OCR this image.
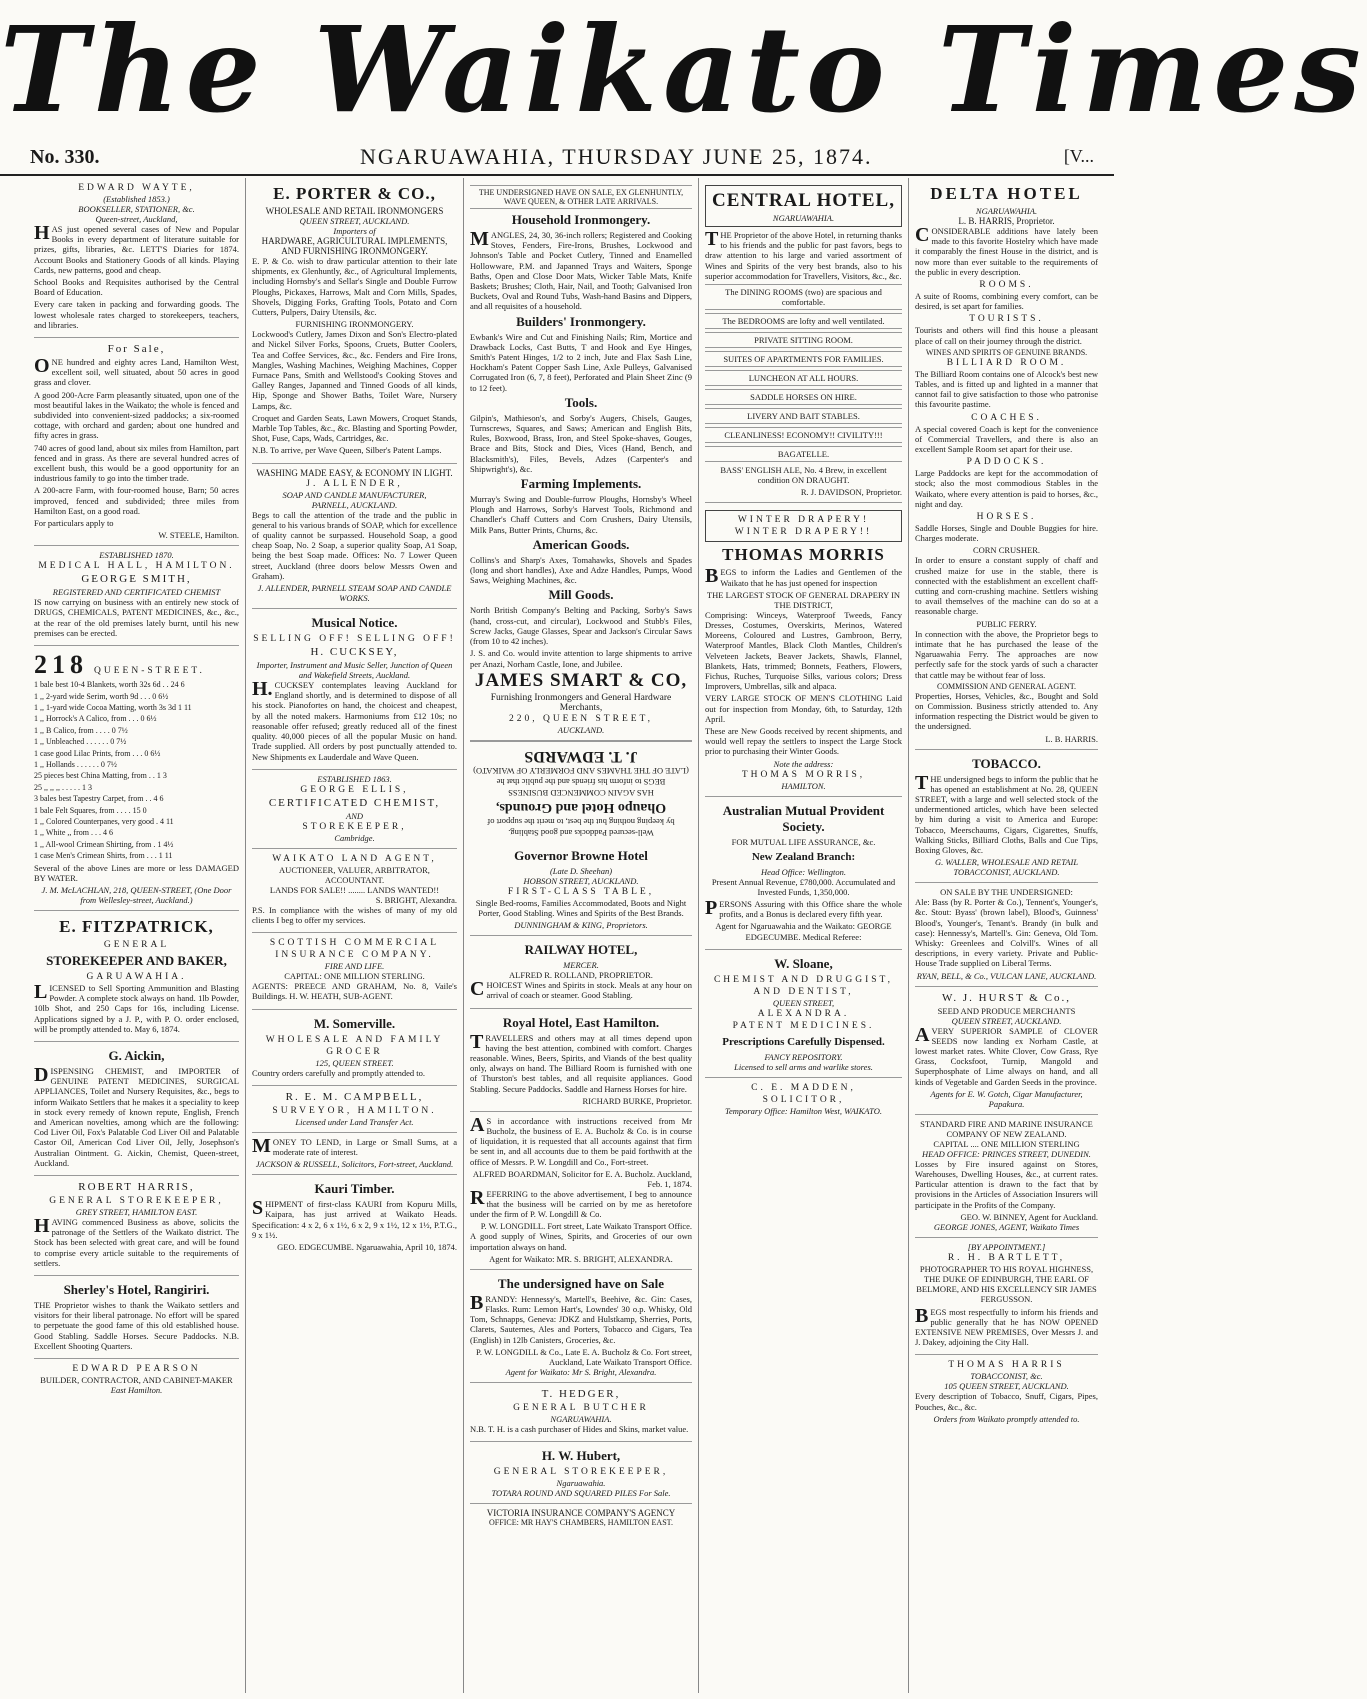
The Waikato Times
No. 330.	NGARUAWAHIA, THURSDAY JUNE 25, 1874.	[V...
EDWARD WAYTE,
(Established 1853.)
BOOKSELLER, STATIONER, &c.
Queen-street, Auckland,

HAS just opened several cases of New and Popular Books in every department of literature suitable for prizes, gifts, libraries, &c. LETT'S Diaries for 1874. Account Books and Stationery Goods of all kinds. Playing Cards, new patterns, good and cheap.

School Books and Requisites authorised by the Central Board of Education.

Every care taken in packing and forwarding goods. The lowest wholesale rates charged to storekeepers, teachers, and libraries.

For Sale,

ONE hundred and eighty acres Land, Hamilton West, excellent soil, well situated, about 50 acres in good grass and clover.

A good 200-Acre Farm pleasantly situated, upon one of the most beautiful lakes in the Waikato; the whole is fenced and subdivided into convenient-sized paddocks; a six-roomed cottage, with orchard and garden; about one hundred and fifty acres in grass.

740 acres of good land, about six miles from Hamilton, part fenced and in grass. As there are several hundred acres of excellent bush, this would be a good opportunity for an industrious family to go into the timber trade.

A 200-acre Farm, with four-roomed house, Barn; 50 acres improved, fenced and subdivided; three miles from Hamilton East, on a good road.

For particulars apply to

W. STEELE, Hamilton.
ESTABLISHED 1870.
MEDICAL HALL, HAMILTON.
GEORGE SMITH,
REGISTERED AND CERTIFICATED CHEMIST

IS now carrying on business with an entirely new stock of DRUGS, CHEMICALS, PATENT MEDICINES, &c., &c., at the rear of the old premises lately burnt, until his new premises can be erected.

218 QUEEN-STREET.

1 bale best 10-4 Blankets, worth 32s 6d . . 24 6

1 ,, 2-yard wide Serim, worth 9d . . . 0 6½

1 ,, 1-yard wide Cocoa Matting, worth 3s 3d 1 11

1 ,, Horrock's A Calico, from . . . 0 6½

1 ,, B Calico, from . . . . 0 7½

1 ,, Unbleached . . . . . . 0 7½

1 case good Lilac Prints, from . . . 0 6½

1 ,, Hollands . . . . . . 0 7½

25 pieces best China Matting, from . . 1 3

25 ,, ,, ,, . . . . . 1 3

3 bales best Tapestry Carpet, from . . 4 6

1 bale Felt Squares, from . . . . 15 0

1 ,, Colored Counterpanes, very good . 4 11

1 ,, White ,, from . . . 4 6

1 ,, All-wool Crimean Shirting, from . 1 4½

1 case Men's Crimean Shirts, from . . . 1 11

Several of the above Lines are more or less DAMAGED BY WATER.

J. M. McLACHLAN, 218, QUEEN-STREET, (One Door from Wellesley-street, Auckland.)
E. FITZPATRICK,
GENERAL
STOREKEEPER AND BAKER,
GARUAWAHIA.

LICENSED to Sell Sporting Ammunition and Blasting Powder. A complete stock always on hand. 1lb Powder, 10lb Shot, and 250 Caps for 16s, including License. Applications signed by a J. P., with P. O. order enclosed, will be promptly attended to. May 6, 1874.

G. Aickin,

DISPENSING CHEMIST, and IMPORTER of GENUINE PATENT MEDICINES, SURGICAL APPLIANCES, Toilet and Nursery Requisites, &c., begs to inform Waikato Settlers that he makes it a speciality to keep in stock every remedy of known repute, English, French and American novelties, among which are the following: Cod Liver Oil, Fox's Palatable Cod Liver Oil and Palatable Castor Oil, American Cod Liver Oil, Jelly, Josephson's Australian Ointment. G. Aickin, Chemist, Queen-street, Auckland.

ROBERT HARRIS,
GENERAL STOREKEEPER,
GREY STREET, HAMILTON EAST.

HAVING commenced Business as above, solicits the patronage of the Settlers of the Waikato district. The Stock has been selected with great care, and will be found to comprise every article suitable to the requirements of settlers.

Sherley's Hotel, Rangiriri.

THE Proprietor wishes to thank the Waikato settlers and visitors for their liberal patronage. No effort will be spared to perpetuate the good fame of this old established house. Good Stabling. Saddle Horses. Secure Paddocks. N.B. Excellent Shooting Quarters.

EDWARD PEARSON
BUILDER, CONTRACTOR, AND CABINET-MAKER
East Hamilton.
E. PORTER & CO.,
WHOLESALE AND RETAIL IRONMONGERS
QUEEN STREET, AUCKLAND.
Importers of
HARDWARE, AGRICULTURAL IMPLEMENTS, AND FURNISHING IRONMONGERY.

E. P. & Co. wish to draw particular attention to their late shipments, ex Glenhuntly, &c., of Agricultural Implements, including Hornsby's and Sellar's Single and Double Furrow Ploughs, Pickaxes, Harrows, Malt and Corn Mills, Spades, Shovels, Digging Forks, Grafting Tools, Potato and Corn Cutters, Pulpers, Dairy Utensils, &c.

FURNISHING IRONMONGERY.

Lockwood's Cutlery, James Dixon and Son's Electro-plated and Nickel Silver Forks, Spoons, Cruets, Butter Coolers, Tea and Coffee Services, &c., &c. Fenders and Fire Irons, Mangles, Washing Machines, Weighing Machines, Copper Furnace Pans, Smith and Wellstood's Cooking Stoves and Galley Ranges, Japanned and Tinned Goods of all kinds, Hip, Sponge and Shower Baths, Toilet Ware, Nursery Lamps, &c.

Croquet and Garden Seats, Lawn Mowers, Croquet Stands, Marble Top Tables, &c., &c. Blasting and Sporting Powder, Shot, Fuse, Caps, Wads, Cartridges, &c.

N.B. To arrive, per Wave Queen, Silber's Patent Lamps.

WASHING MADE EASY, & ECONOMY IN LIGHT.
J. ALLENDER,
SOAP AND CANDLE MANUFACTURER,
PARNELL, AUCKLAND.

Begs to call the attention of the trade and the public in general to his various brands of SOAP, which for excellence of quality cannot be surpassed. Household Soap, a good cheap Soap, No. 2 Soap, a superior quality Soap, A1 Soap, being the best Soap made. Offices: No. 7 Lower Queen street, Auckland (three doors below Messrs Owen and Graham).

J. ALLENDER, PARNELL STEAM SOAP AND CANDLE WORKS.
Musical Notice.
SELLING OFF! SELLING OFF!
H. CUCKSEY,
Importer, Instrument and Music Seller, Junction of Queen and Wakefield Streets, Auckland.

H.CUCKSEY contemplates leaving Auckland for England shortly, and is determined to dispose of all his stock. Pianofortes on hand, the choicest and cheapest, by all the noted makers. Harmoniums from £12 10s; no reasonable offer refused; greatly reduced all of the finest quality. 40,000 pieces of all the popular Music on hand. Trade supplied. All orders by post punctually attended to. New Shipments ex Lauderdale and Wave Queen.

ESTABLISHED 1863.
GEORGE ELLIS,
CERTIFICATED CHEMIST,
AND
STOREKEEPER,
Cambridge.
WAIKATO LAND AGENT,
AUCTIONEER, VALUER, ARBITRATOR, ACCOUNTANT.
LANDS FOR SALE!! ........ LANDS WANTED!!
S. BRIGHT, Alexandra.

P.S. In compliance with the wishes of many of my old clients I beg to offer my services.

SCOTTISH COMMERCIAL
INSURANCE COMPANY.
FIRE AND LIFE.
CAPITAL: ONE MILLION STERLING.

AGENTS: PREECE AND GRAHAM, No. 8, Vaile's Buildings. H. W. HEATH, SUB-AGENT.

M. Somerville.
WHOLESALE AND FAMILY GROCER
125, QUEEN STREET.

Country orders carefully and promptly attended to.

R. E. M. CAMPBELL,
SURVEYOR, HAMILTON.
Licensed under Land Transfer Act.

MONEY TO LEND, in Large or Small Sums, at a moderate rate of interest.

JACKSON & RUSSELL, Solicitors, Fort-street, Auckland.
Kauri Timber.

SHIPMENT of first-class KAURI from Kopuru Mills, Kaipara, has just arrived at Waikato Heads. Specification: 4 x 2, 6 x 1½, 6 x 2, 9 x 1½, 12 x 1½, P.T.G., 9 x 1½.

GEO. EDGECUMBE. Ngaruawahia, April 10, 1874.
THE UNDERSIGNED HAVE ON SALE, EX GLENHUNTLY, WAVE QUEEN, & OTHER LATE ARRIVALS.
Household Ironmongery.

MANGLES, 24, 30, 36-inch rollers; Registered and Cooking Stoves, Fenders, Fire-Irons, Brushes, Lockwood and Johnson's Table and Pocket Cutlery, Tinned and Enamelled Hollowware, P.M. and Japanned Trays and Waiters, Sponge Baths, Open and Close Door Mats, Wicker Table Mats, Knife Baskets; Brushes; Cloth, Hair, Nail, and Tooth; Galvanised Iron Buckets, Oval and Round Tubs, Wash-hand Basins and Dippers, and all requisites of a household.

Builders' Ironmongery.

Ewbank's Wire and Cut and Finishing Nails; Rim, Mortice and Drawback Locks, Cast Butts, T and Hook and Eye Hinges, Smith's Patent Hinges, 1/2 to 2 inch, Jute and Flax Sash Line, Hockham's Patent Copper Sash Line, Axle Pulleys, Galvanised Corrugated Iron (6, 7, 8 feet), Perforated and Plain Sheet Zinc (9 to 12 feet).

Tools.

Gilpin's, Mathieson's, and Sorby's Augers, Chisels, Gauges, Turnscrews, Squares, and Saws; American and English Bits, Rules, Boxwood, Brass, Iron, and Steel Spoke-shaves, Gouges, Brace and Bits, Stock and Dies, Vices (Hand, Bench, and Blacksmith's), Files, Bevels, Adzes (Carpenter's and Shipwright's), &c.

Farming Implements.

Murray's Swing and Double-furrow Ploughs, Hornsby's Wheel Plough and Harrows, Sorby's Harvest Tools, Richmond and Chandler's Chaff Cutters and Corn Crushers, Dairy Utensils, Milk Pans, Butter Prints, Churns, &c.

American Goods.

Collins's and Sharp's Axes, Tomahawks, Shovels and Spades (long and short handles), Axe and Adze Handles, Pumps, Wood Saws, Weighing Machines, &c.

Mill Goods.

North British Company's Belting and Packing, Sorby's Saws (hand, cross-cut, and circular), Lockwood and Stubb's Files, Screw Jacks, Gauge Glasses, Spear and Jackson's Circular Saws (from 10 to 42 inches).

J. S. and Co. would invite attention to large shipments to arrive per Anazi, Norham Castle, Ione, and Jubilee.

JAMES SMART & CO,
Furnishing Ironmongers and General Hardware Merchants,
220, QUEEN STREET,
AUCKLAND.
Well-secured Paddocks and good Stabling.
by keeping nothing but the best, to merit the support of
Ohaupo Hotel and Grounds,
HAS AGAIN COMMENCED BUSINESS
BEGS to inform his friends and the public that he
(LATE OF THE THAMES AND FORMERLY OF WAIKATO)
J. T. EDWARDS
Governor Browne Hotel
(Late D. Sheehan)
HOBSON STREET, AUCKLAND.
FIRST-CLASS TABLE,

Single Bed-rooms, Families Accommodated, Boots and Night Porter, Good Stabling. Wines and Spirits of the Best Brands.

DUNNINGHAM & KING, Proprietors.
RAILWAY HOTEL,
MERCER.
ALFRED R. ROLLAND, PROPRIETOR.

CHOICEST Wines and Spirits in stock. Meals at any hour on arrival of coach or steamer. Good Stabling.

Royal Hotel, East Hamilton.

TRAVELLERS and others may at all times depend upon having the best attention, combined with comfort. Charges reasonable. Wines, Beers, Spirits, and Viands of the best quality only, always on hand. The Billiard Room is furnished with one of Thurston's best tables, and all requisite appliances. Good Stabling. Secure Paddocks. Saddle and Harness Horses for hire.

RICHARD BURKE, Proprietor.

AS in accordance with instructions received from Mr Bucholz, the business of E. A. Bucholz & Co. is in course of liquidation, it is requested that all accounts against that firm be sent in, and all accounts due to them be paid forthwith at the office of Messrs. P. W. Longdill and Co., Fort-street.

ALFRED BOARDMAN, Solicitor for E. A. Bucholz. Auckland, Feb. 1, 1874.

REFERRING to the above advertisement, I beg to announce that the business will be carried on by me as heretofore under the firm of P. W. Longdill & Co.

P. W. LONGDILL. Fort street, Late Waikato Transport Office.

A good supply of Wines, Spirits, and Groceries of our own importation always on hand.

Agent for Waikato: MR. S. BRIGHT, ALEXANDRA.
The undersigned have on Sale

BRANDY: Hennessy's, Martell's, Beehive, &c. Gin: Cases, Flasks. Rum: Lemon Hart's, Lowndes' 30 o.p. Whisky, Old Tom, Schnapps, Geneva: JDKZ and Hulstkamp, Sherries, Ports, Clarets, Sauternes, Ales and Porters, Tobacco and Cigars, Tea (English) in 12lb Canisters, Groceries, &c.

P. W. LONGDILL & Co., Late E. A. Bucholz & Co. Fort street, Auckland, Late Waikato Transport Office.
Agent for Waikato: Mr S. Bright, Alexandra.
T. HEDGER,
GENERAL BUTCHER
NGARUAWAHIA.

N.B. T. H. is a cash purchaser of Hides and Skins, market value.

H. W. Hubert,
GENERAL STOREKEEPER,
Ngaruawahia.
TOTARA ROUND AND SQUARED PILES For Sale.
VICTORIA INSURANCE COMPANY'S AGENCY
OFFICE: MR HAY'S CHAMBERS, HAMILTON EAST.
CENTRAL HOTEL,
NGARUAWAHIA.

THE Proprietor of the above Hotel, in returning thanks to his friends and the public for past favors, begs to draw attention to his large and varied assortment of Wines and Spirits of the very best brands, also to his superior accommodation for Travellers, Visitors, &c., &c.

The DINING ROOMS (two) are spacious and comfortable.
The BEDROOMS are lofty and well ventilated.
PRIVATE SITTING ROOM.
SUITES OF APARTMENTS FOR FAMILIES.
LUNCHEON AT ALL HOURS.
SADDLE HORSES ON HIRE.
LIVERY AND BAIT STABLES.
CLEANLINESS! ECONOMY!! CIVILITY!!!
BAGATELLE.

BASS' ENGLISH ALE, No. 4 Brew, in excellent condition ON DRAUGHT.

R. J. DAVIDSON, Proprietor.
WINTER DRAPERY!
WINTER DRAPERY!!
THOMAS MORRIS

BEGS to inform the Ladies and Gentlemen of the Waikato that he has just opened for inspection

THE LARGEST STOCK OF GENERAL DRAPERY IN THE DISTRICT,

Comprising: Winceys, Waterproof Tweeds, Fancy Dresses, Costumes, Overskirts, Merinos, Watered Moreens, Coloured and Lustres, Gambroon, Berry, Waterproof Mantles, Black Cloth Mantles, Children's Velveteen Jackets, Beaver Jackets, Shawls, Flannel, Blankets, Hats, trimmed; Bonnets, Feathers, Flowers, Fichus, Ruches, Turquoise Silks, various colors; Dress Improvers, Umbrellas, silk and alpaca.

VERY LARGE STOCK OF MEN'S CLOTHING Laid out for inspection from Monday, 6th, to Saturday, 12th April.

These are New Goods received by recent shipments, and would well repay the settlers to inspect the Large Stock prior to purchasing their Winter Goods.

Note the address:
THOMAS MORRIS,
HAMILTON.
Australian Mutual Provident Society.
FOR MUTUAL LIFE ASSURANCE, &c.
New Zealand Branch:
Head Office: Wellington.

Present Annual Revenue, £780,000. Accumulated and Invested Funds, 1,350,000.

PERSONS Assuring with this Office share the whole profits, and a Bonus is declared every fifth year.

Agent for Ngaruawahia and the Waikato: GEORGE EDGECUMBE. Medical Referee:

W. Sloane,
CHEMIST AND DRUGGIST, AND DENTIST,
QUEEN STREET,
ALEXANDRA.
PATENT MEDICINES.
Prescriptions Carefully Dispensed.
FANCY REPOSITORY.
Licensed to sell arms and warlike stores.
C. E. MADDEN,
SOLICITOR,
Temporary Office: Hamilton West, WAIKATO.
DELTA HOTEL
NGARUAWAHIA.
L. B. HARRIS, Proprietor.

CONSIDERABLE additions have lately been made to this favorite Hostelry which have made it comparably the finest House in the district, and is now more than ever suitable to the requirements of the public in every description.

ROOMS.

A suite of Rooms, combining every comfort, can be desired, is set apart for families.

TOURISTS.

Tourists and others will find this house a pleasant place of call on their journey through the district.

WINES AND SPIRITS OF GENUINE BRANDS.
BILLIARD ROOM.

The Billiard Room contains one of Alcock's best new Tables, and is fitted up and lighted in a manner that cannot fail to give satisfaction to those who patronise this favourite pastime.

COACHES.

A special covered Coach is kept for the convenience of Commercial Travellers, and there is also an excellent Sample Room set apart for their use.

PADDOCKS.

Large Paddocks are kept for the accommodation of stock; also the most commodious Stables in the Waikato, where every attention is paid to horses, &c., night and day.

HORSES.

Saddle Horses, Single and Double Buggies for hire. Charges moderate.

CORN CRUSHER.

In order to ensure a constant supply of chaff and crushed maize for use in the stable, there is connected with the establishment an excellent chaff-cutting and corn-crushing machine. Settlers wishing to avail themselves of the machine can do so at a reasonable charge.

PUBLIC FERRY.

In connection with the above, the Proprietor begs to intimate that he has purchased the lease of the Ngaruawahia Ferry. The approaches are now perfectly safe for the stock yards of such a character that cattle may be without fear of loss.

COMMISSION AND GENERAL AGENT.

Properties, Horses, Vehicles, &c., Bought and Sold on Commission. Business strictly attended to. Any information respecting the District would be given to the undersigned.

L. B. HARRIS.
TOBACCO.

THE undersigned begs to inform the public that he has opened an establishment at No. 28, QUEEN STREET, with a large and well selected stock of the undermentioned articles, which have been selected by him during a visit to America and Europe: Tobacco, Meerschaums, Cigars, Cigarettes, Snuffs, Walking Sticks, Billiard Cloths, Balls and Cue Tips, Boxing Gloves, &c.

G. WALLER, WHOLESALE AND RETAIL TOBACCONIST, AUCKLAND.
ON SALE BY THE UNDERSIGNED:

Ale: Bass (by R. Porter & Co.), Tennent's, Younger's, &c. Stout: Byass' (brown label), Blood's, Guinness' Blood's, Younger's, Tenant's. Brandy (in bulk and case): Hennessy's, Martell's. Gin: Geneva, Old Tom. Whisky: Greenlees and Colvill's. Wines of all descriptions, in every variety. Private and Public-House Trade supplied on Liberal Terms.

RYAN, BELL, & Co., VULCAN LANE, AUCKLAND.
W. J. HURST & Co.,
SEED AND PRODUCE MERCHANTS
QUEEN STREET, AUCKLAND.

AVERY SUPERIOR SAMPLE of CLOVER SEEDS now landing ex Norham Castle, at lowest market rates. White Clover, Cow Grass, Rye Grass, Cocksfoot, Turnip, Mangold and Superphosphate of Lime always on hand, and all kinds of Vegetable and Garden Seeds in the province.

Agents for E. W. Gotch, Cigar Manufacturer, Papakura.
STANDARD FIRE AND MARINE INSURANCE COMPANY OF NEW ZEALAND.
CAPITAL .... ONE MILLION STERLING
HEAD OFFICE: PRINCES STREET, DUNEDIN.

Losses by Fire insured against on Stores, Warehouses, Dwelling Houses, &c., at current rates. Particular attention is drawn to the fact that by provisions in the Articles of Association Insurers will participate in the Profits of the Company.

GEO. W. BINNEY, Agent for Auckland.
GEORGE JONES, AGENT, Waikato Times
[BY APPOINTMENT.]
R. H. BARTLETT,

PHOTOGRAPHER TO HIS ROYAL HIGHNESS, THE DUKE OF EDINBURGH, THE EARL OF BELMORE, AND HIS EXCELLENCY SIR JAMES FERGUSSON.

BEGS most respectfully to inform his friends and public generally that he has NOW OPENED EXTENSIVE NEW PREMISES, Over Messrs J. and J. Dakey, adjoining the City Hall.

THOMAS HARRIS
TOBACCONIST, &c.
105 QUEEN STREET, AUCKLAND.

Every description of Tobacco, Snuff, Cigars, Pipes, Pouches, &c., &c.

Orders from Waikato promptly attended to.
